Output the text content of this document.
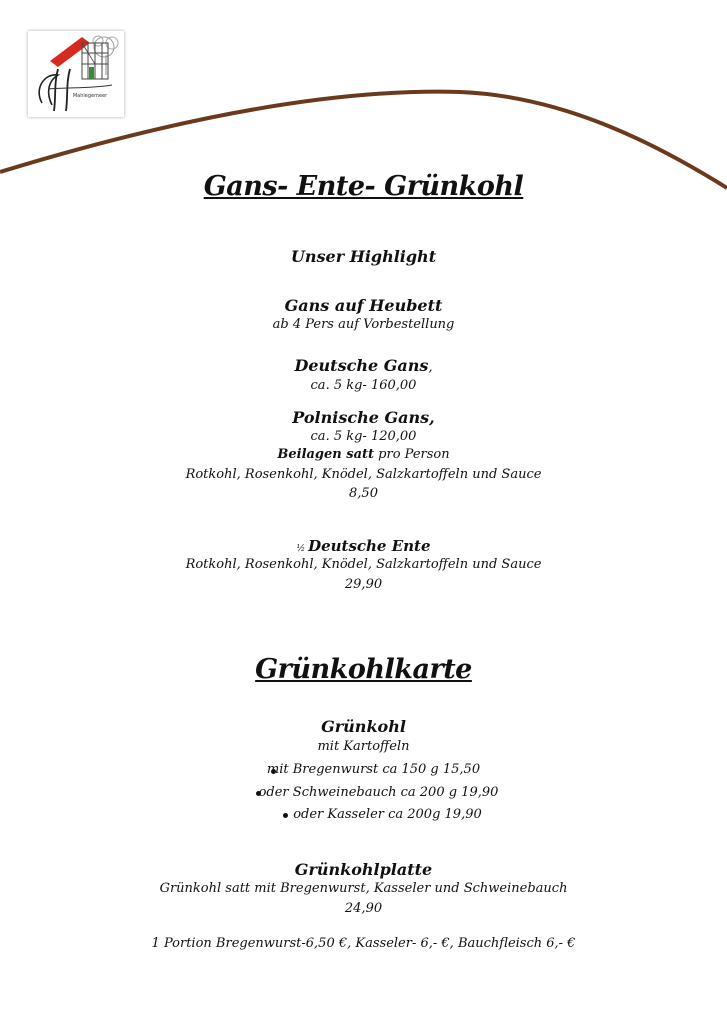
Mahlegemeer
Gans- Ente- Grünkohl
Unser Highlight
Gans auf Heubett
ab 4 Pers auf Vorbestellung
Deutsche Gans,
ca. 5 kg- 160,00
Polnische Gans,
ca. 5 kg- 120,00
Beilagen satt pro Person
Rotkohl, Rosenkohl, Knödel, Salzkartoffeln und Sauce
8,50
½ Deutsche Ente
Rotkohl, Rosenkohl, Knödel, Salzkartoffeln und Sauce
29,90
Grünkohlkarte
Grünkohl
mit Kartoffeln
mit Bregenwurst ca 150 g 15,50
oder Schweinebauch ca 200 g 19,90
oder Kasseler ca 200g 19,90
Grünkohlplatte
Grünkohl satt mit Bregenwurst, Kasseler und Schweinebauch
24,90
1 Portion Bregenwurst-6,50 €, Kasseler- 6,- €, Bauchfleisch 6,- €
